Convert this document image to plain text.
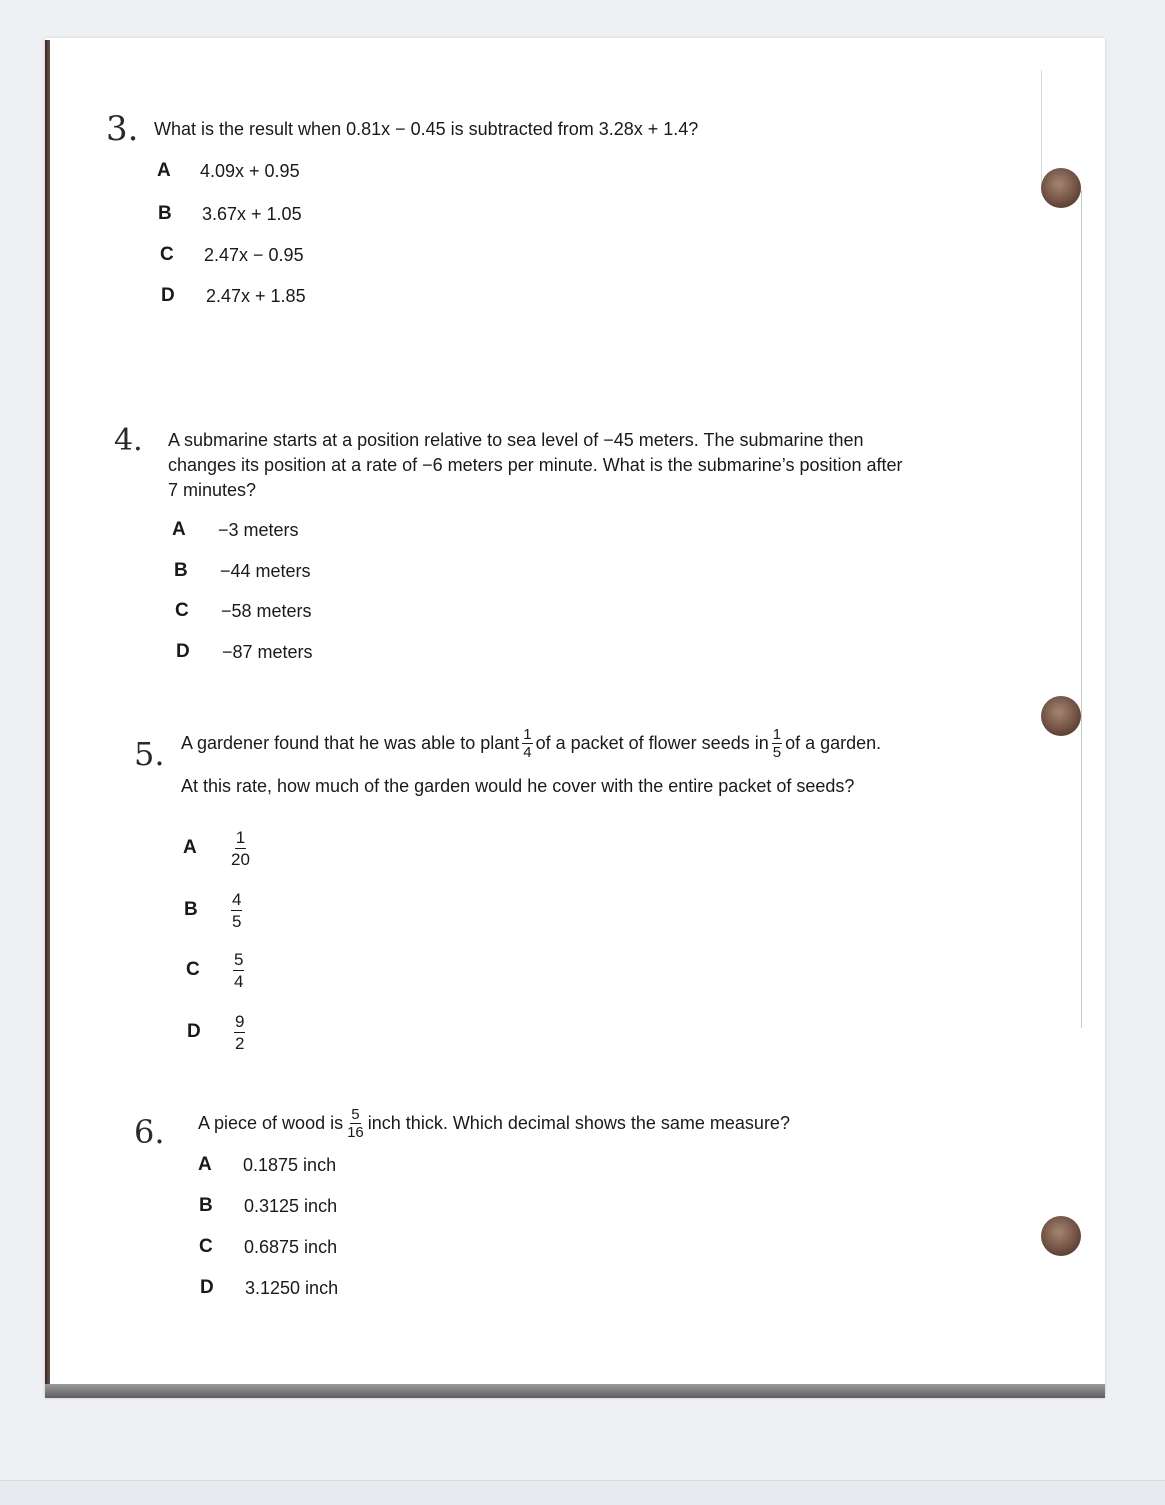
3. What is the result when 0.81x − 0.45 is subtracted from 3.28x + 1.4?
A	4.09x + 0.95
B	3.67x + 1.05
C	2.47x − 0.95
D	2.47x + 1.85
4. A submarine starts at a position relative to sea level of −45 meters. The submarine then
changes its position at a rate of −6 meters per minute. What is the submarine’s position after
7 minutes?
A	−3 meters
B	−44 meters
C	−58 meters
D	−87 meters
5. A gardener found that he was able to plant $\frac{1}{4}$ of a packet of flower seeds in $\frac{1}{5}$ of a garden.
At this rate, how much of the garden would he cover with the entire packet of seeds?
A	$\frac{1}{20}$
B	$\frac{4}{5}$
C	$\frac{5}{4}$
D	$\frac{9}{2}$
6. A piece of wood is $\frac{5}{16}$ inch thick. Which decimal shows the same measure?
A	0.1875 inch
B	0.3125 inch
C	0.6875 inch
D	3.1250 inch
